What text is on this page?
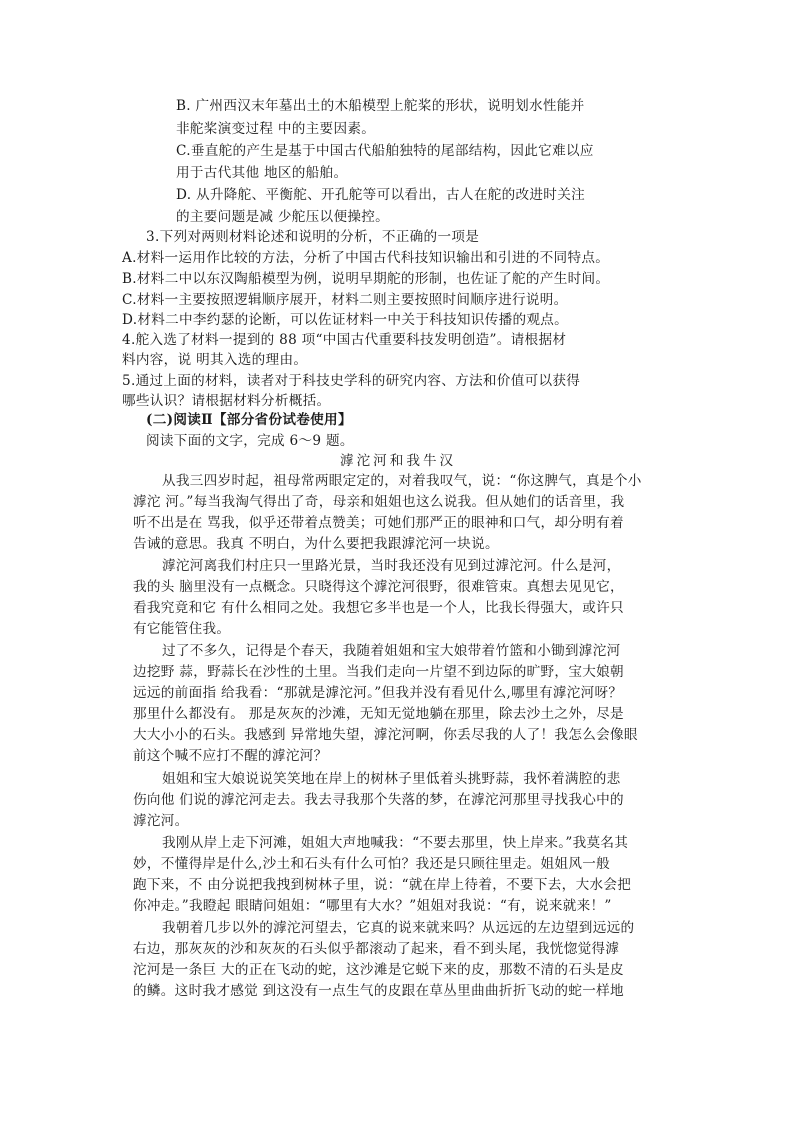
B. 广州西汉末年墓出土的木船模型上舵桨的形状，说明划水性能并
非舵桨演变过程 中的主要因素。
C.垂直舵的产生是基于中国古代船舶独特的尾部结构，因此它难以应
用于古代其他 地区的船舶。
D. 从升降舵、平衡舵、开孔舵等可以看出，古人在舵的改进时关注
的主要问题是减 少舵压以便操控。
3.下列对两则材料论述和说明的分析，不正确的一项是
A.材料一运用作比较的方法，分析了中国古代科技知识输出和引进的不同特点。
B.材料二中以东汉陶船模型为例，说明早期舵的形制，也佐证了舵的产生时间。
C.材料一主要按照逻辑顺序展开，材料二则主要按照时间顺序进行说明。
D.材料二中李约瑟的论断，可以佐证材料一中关于科技知识传播的观点。
4.舵入选了材料一提到的 88 项“中国古代重要科技发明创造”。请根据材
料内容，说 明其入选的理由。
5.通过上面的材料，读者对于科技史学科的研究内容、方法和价值可以获得
哪些认识？请根据材料分析概括。
(二)阅读Ⅱ【部分省份试卷使用】
阅读下面的文字，完成 6～9 题。
滹沱河和我牛汉
从我三四岁时起，祖母常两眼定定的，对着我叹气，说：“你这脾气，真是个小
滹沱 河。”每当我淘气得出了奇，母亲和姐姐也这么说我。但从她们的话音里，我
听不出是在 骂我，似乎还带着点赞美；可她们那严正的眼神和口气，却分明有着
告诫的意思。我真 不明白，为什么要把我跟滹沱河一块说。
滹沱河离我们村庄只一里路光景，当时我还没有见到过滹沱河。什么是河，
我的头 脑里没有一点概念。只晓得这个滹沱河很野，很难管束。真想去见见它，
看我究竟和它 有什么相同之处。我想它多半也是一个人，比我长得强大，或许只
有它能管住我。
过了不多久，记得是个春天，我随着姐姐和宝大娘带着竹篮和小锄到滹沱河
边挖野 蒜，野蒜长在沙性的土里。当我们走向一片望不到边际的旷野，宝大娘朝
远远的前面指 给我看：“那就是滹沱河。”但我并没有看见什么,哪里有滹沱河呀？
那里什么都没有。 那是灰灰的沙滩，无知无觉地躺在那里，除去沙土之外，尽是
大大小小的石头。我感到 异常地失望，滹沱河啊，你丢尽我的人了！我怎么会像眼
前这个喊不应打不醒的滹沱河？
姐姐和宝大娘说说笑笑地在岸上的树林子里低着头挑野蒜，我怀着满腔的悲
伤向他 们说的滹沱河走去。我去寻我那个失落的梦，在滹沱河那里寻找我心中的
滹沱河。
我刚从岸上走下河滩，姐姐大声地喊我：“不要去那里，快上岸来。”我莫名其
妙，不懂得岸是什么,沙土和石头有什么可怕？我还是只顾往里走。姐姐风一般
跑下来，不 由分说把我拽到树林子里，说：“就在岸上待着，不要下去，大水会把
你冲走。”我瞪起 眼睛问姐姐：“哪里有大水？”姐姐对我说：“有，说来就来！”
我朝着几步以外的滹沱河望去，它真的说来就来吗？从远远的左边望到远远的
右边，那灰灰的沙和灰灰的石头似乎都滚动了起来，看不到头尾，我恍惚觉得滹
沱河是一条巨 大的正在飞动的蛇，这沙滩是它蜕下来的皮，那数不清的石头是皮
的鳞。这时我才感觉 到这没有一点生气的皮跟在草丛里曲曲折折飞动的蛇一样地
